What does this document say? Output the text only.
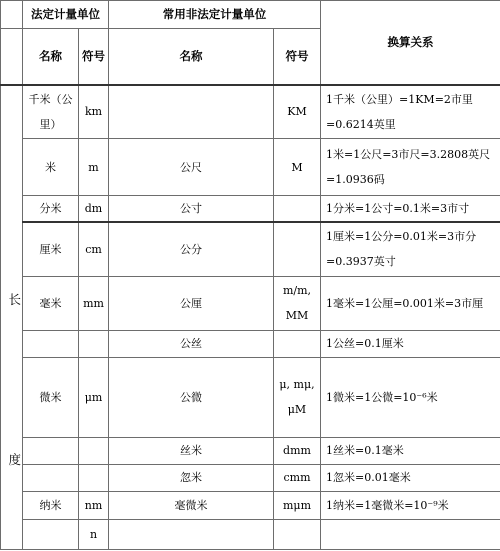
	法定计量单位		常用非法定计量单位		换算关系
	名称	符号	名称	符号	

长
度	千米（公里）	km		KM	1千米（公里）=1KM=2市里=0.6214英里
	米	m	公尺	M	1米=1公尺=3市尺=3.2808英尺=1.0936码
	分米	dm	公寸		1分米=1公寸=0.1米=3市寸
	厘米	cm	公分		1厘米=1公分=0.01米=3市分=0.3937英寸
	毫米	mm	公厘	m/m, MM	1毫米=1公厘=0.001米=3市厘
			公丝		1公丝=0.1厘米
	微米	μm	公微	μ, mμ, μM	1微米=1公微=10⁻⁶米
			丝米	dmm	1丝米=0.1毫米
			忽米	cmm	1忽米=0.01毫米
	纳米	nm	毫微米	mμm	1纳米=1毫微米=10⁻⁹米
		n			
